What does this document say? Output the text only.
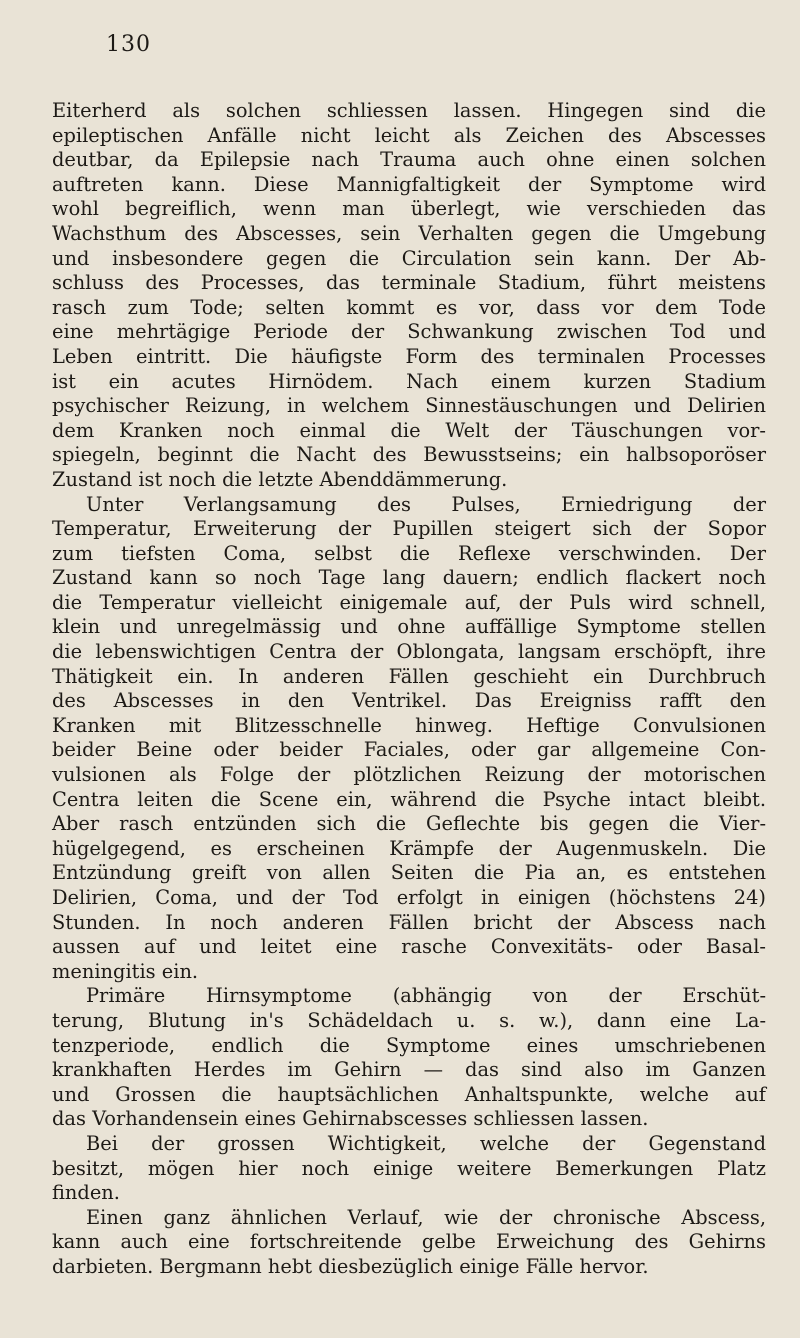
130
Eiterherd als solchen schliessen lassen. Hingegen sind die
epileptischen Anfälle nicht leicht als Zeichen des Abscesses
deutbar, da Epilepsie nach Trauma auch ohne einen solchen
auftreten kann. Diese Mannigfaltigkeit der Symptome wird
wohl begreiflich, wenn man überlegt, wie verschieden das
Wachsthum des Abscesses, sein Verhalten gegen die Umgebung
und insbesondere gegen die Circulation sein kann. Der Ab-
schluss des Processes, das terminale Stadium, führt meistens
rasch zum Tode; selten kommt es vor, dass vor dem Tode
eine mehrtägige Periode der Schwankung zwischen Tod und
Leben eintritt. Die häufigste Form des terminalen Processes
ist ein acutes Hirnödem. Nach einem kurzen Stadium
psychischer Reizung, in welchem Sinnestäuschungen und Delirien
dem Kranken noch einmal die Welt der Täuschungen vor-
spiegeln, beginnt die Nacht des Bewusstseins; ein halbsoporöser
Zustand ist noch die letzte Abenddämmerung.
Unter Verlangsamung des Pulses, Erniedrigung der
Temperatur, Erweiterung der Pupillen steigert sich der Sopor
zum tiefsten Coma, selbst die Reflexe verschwinden. Der
Zustand kann so noch Tage lang dauern; endlich flackert noch
die Temperatur vielleicht einigemale auf, der Puls wird schnell,
klein und unregelmässig und ohne auffällige Symptome stellen
die lebenswichtigen Centra der Oblongata, langsam erschöpft, ihre
Thätigkeit ein. In anderen Fällen geschieht ein Durchbruch
des Abscesses in den Ventrikel. Das Ereigniss rafft den
Kranken mit Blitzesschnelle hinweg. Heftige Convulsionen
beider Beine oder beider Faciales, oder gar allgemeine Con-
vulsionen als Folge der plötzlichen Reizung der motorischen
Centra leiten die Scene ein, während die Psyche intact bleibt.
Aber rasch entzünden sich die Geflechte bis gegen die Vier-
hügelgegend, es erscheinen Krämpfe der Augenmuskeln. Die
Entzündung greift von allen Seiten die Pia an, es entstehen
Delirien, Coma, und der Tod erfolgt in einigen (höchstens 24)
Stunden. In noch anderen Fällen bricht der Abscess nach
aussen auf und leitet eine rasche Convexitäts- oder Basal-
meningitis ein.
Primäre Hirnsymptome (abhängig von der Erschüt-
terung, Blutung in's Schädeldach u. s. w.), dann eine La-
tenzperiode, endlich die Symptome eines umschriebenen
krankhaften Herdes im Gehirn — das sind also im Ganzen
und Grossen die hauptsächlichen Anhaltspunkte, welche auf
das Vorhandensein eines Gehirnabscesses schliessen lassen.
Bei der grossen Wichtigkeit, welche der Gegenstand
besitzt, mögen hier noch einige weitere Bemerkungen Platz
finden.
Einen ganz ähnlichen Verlauf, wie der chronische Abscess,
kann auch eine fortschreitende gelbe Erweichung des Gehirns
darbieten. Bergmann hebt diesbezüglich einige Fälle hervor.
